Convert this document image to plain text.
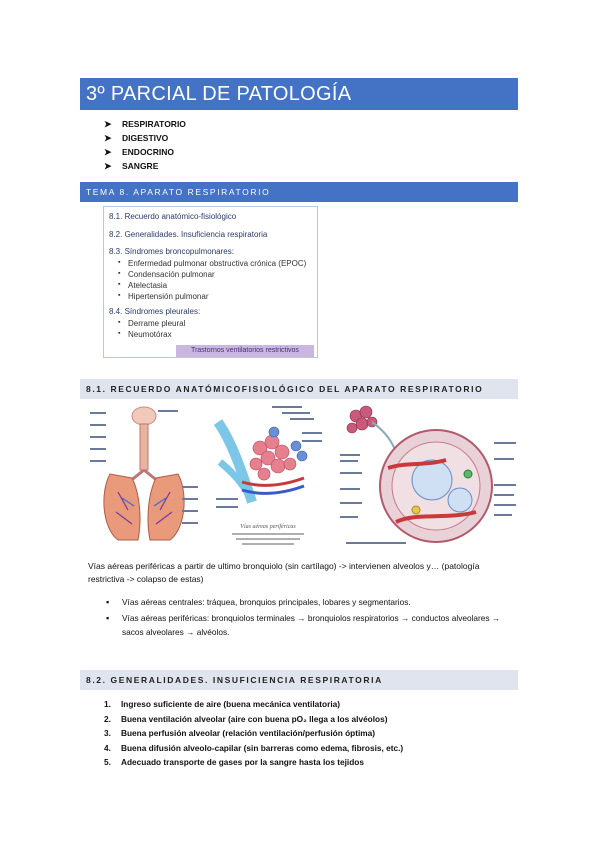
3º PARCIAL DE PATOLOGÍA
➤ RESPIRATORIO
➤ DIGESTIVO
➤ ENDOCRINO
➤ SANGRE
TEMA 8. APARATO RESPIRATORIO
8.1. Recuerdo anatómico-fisiológico
8.2. Generalidades. Insuficiencia respiratoria
8.3. Síndromes broncopulmonares:
▪ Enfermedad pulmonar obstructiva crónica (EPOC)
▪ Condensación pulmonar
▪ Atelectasia
▪ Hipertensión pulmonar
8.4. Síndromes pleurales:
▪ Derrame pleural
▪ Neumotórax
Trastornos ventilatorios restrictivos
8.1. RECUERDO ANATÓMICOFISIOLÓGICO DEL APARATO RESPIRATORIO
Vías aéreas periféricas
Vías aéreas periféricas a partir de ultimo bronquiolo (sin cartílago) -> intervienen alveolos y… (patología restrictiva -> colapso de estas)
▪ Vías aéreas centrales: tráquea, bronquios principales, lobares y segmentarios.
▪ Vías aéreas periféricas: bronquiolos terminales → bronquiolos respiratorios → conductos alveolares → sacos alveolares → alvéolos.
8.2. GENERALIDADES. INSUFICIENCIA RESPIRATORIA
1. Ingreso suficiente de aire (buena mecánica ventilatoria)
2. Buena ventilación alveolar (aire con buena pO₂ llega a los alvéolos)
3. Buena perfusión alveolar (relación ventilación/perfusión óptima)
4. Buena difusión alveolo-capilar (sin barreras como edema, fibrosis, etc.)
5. Adecuado transporte de gases por la sangre hasta los tejidos
